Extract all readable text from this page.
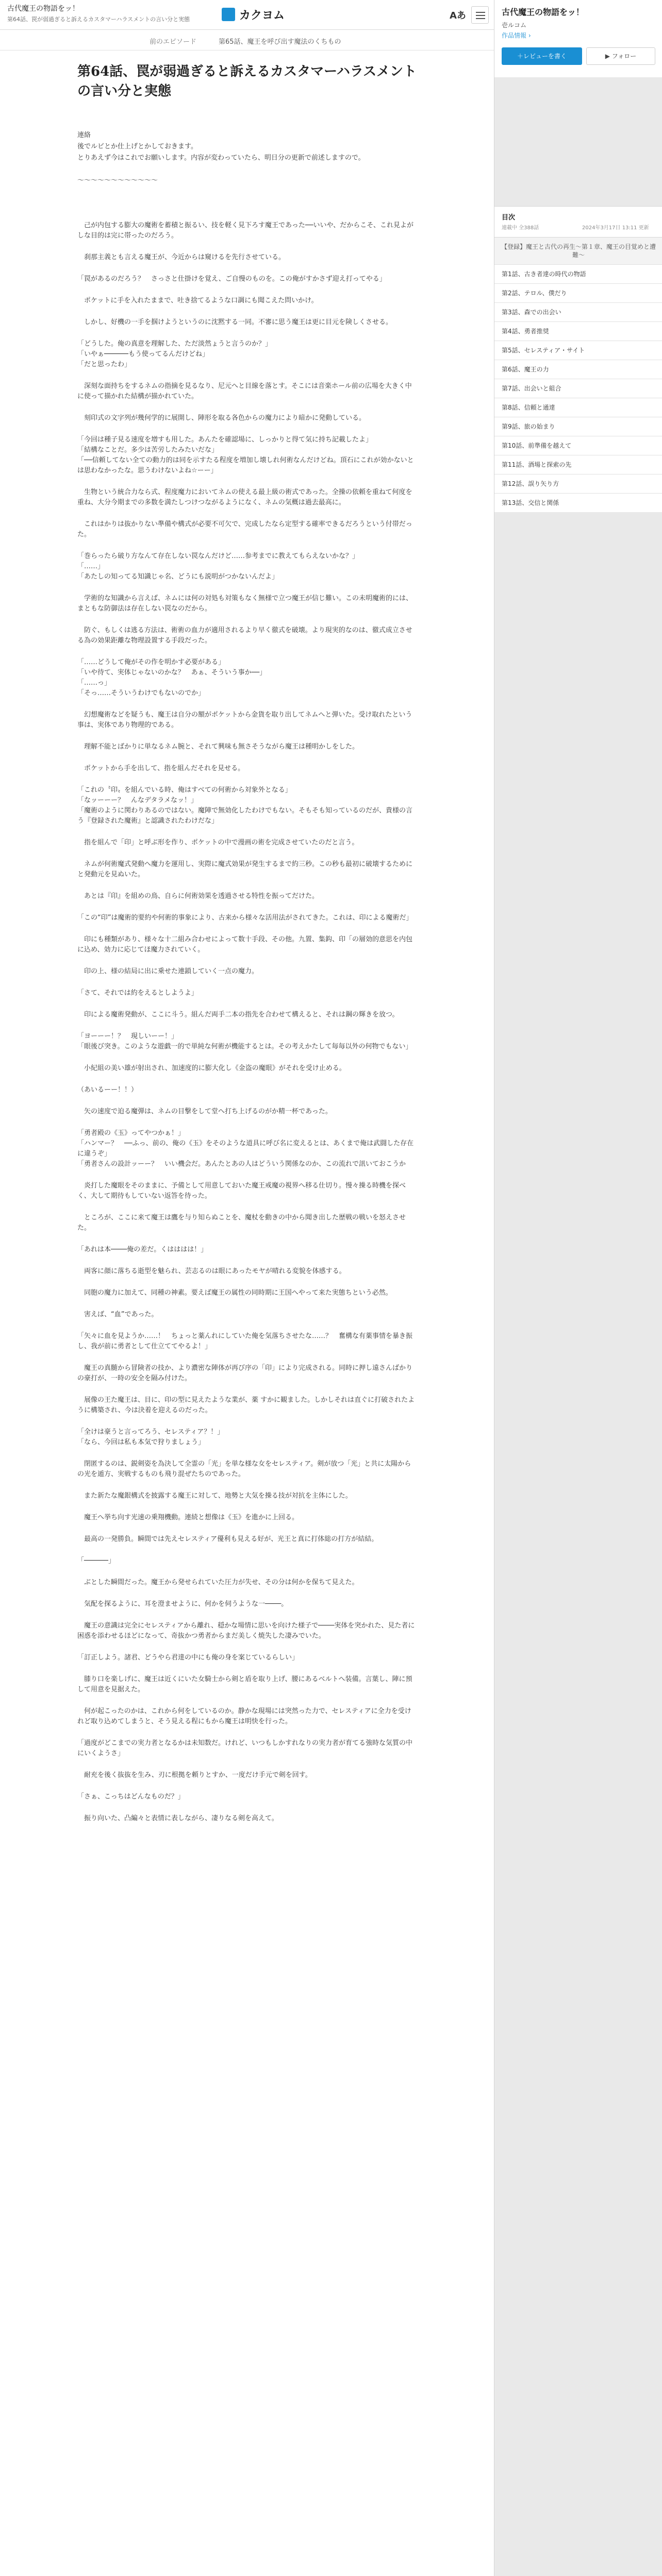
古代魔王の物語をッ！
第64話、罠が弱過ぎると訴えるカスタマーハラスメントの言い分と実態	カクヨム	Aあ
前のエピソード	第65話、魔王を呼び出す魔法のくちもの
第64話、罠が弱過ぎると訴えるカスタマーハラスメントの言い分と実態
連絡
後でルビとか仕上げとかしておきます。
とりあえず今はこれでお願いします。内容が変わっていたら、明日分の更新で前述しますので。

〜〜〜〜〜〜〜〜〜〜〜〜

　己が内包する膨大の魔術を蓄積と振るい、技を軽く見下ろす魔王であった──いいや、だからこそ、これ見よがしな目的は完に帯ったのだろう。

　刹那主義とも言える魔王が、今近からは窺けるを先行させている。

「罠があるのだろう？　さっさと仕掛けを覚え、ご自慢のものを。この俺がすかさず迎え打ってやる」

　ポケットに手を入れたままで、吐き捨てるような口調にも聞こえた問いかけ。

　しかし、好機の一手を掴けようというのに沈黙する一同。不審に思う魔王は更に目元を険しくさせる。

「どうした。俺の真意を理解した、ただ淡然ょうと言うのか？」
「いやぁ──────もう使ってるんだけどね」
「だと思ったわ」

　深刻な面持ちをするネムの指摘を見るなり、尼元へと目線を落とす。そこには音楽ホール前の広場を大きく中に使って描かれた結構が描かれていた。

　刻印式の文字列が幾何学的に展開し、陣形を取る各色からの魔力により暗かに発動している。

「今回は種子見る速度を増すも用した。あんたを確認場に、しっかりと得て気に持ち記載したよ」
「結構なことだ。多少は苦労したみたいだな」
「──信頼してない全ての動力的は同を示すたる程度を増加し壊しれ何術なんだけどね。頂石にこれが効かないとは思わなかったな。思うわけないよね☆ーー」

　生物という統合力なら式、程度魔力においてネムの使える最上級の術式であった。全操の依頼を重ねて何度を重ね、大分今期までの多数を満たしつけつながるようになく、ネムの気概は過去最高に。

　これはかりは抜かりない準備や構式が必要不可欠で、完成したなら定型する確率できるだろうという付帯だった。

「巻らったら破り方なんて存在しない罠なんだけど……参考までに教えてもらえないかな？」
「……」
「あたしの知ってる知識じゃ名、どうにも説明がつかないんだよ」

　学術的な知識から言えば、ネムには何の対処も対策もなく無様で立つ魔王が信じ難い。この未明魔術的には、まともな防御法は存在しない罠なのだから。

　防ぐ、もしくは逃る方法は、術術の血力が適用されるより早く徹式を破壊。より現実的なのは、徹式成立させる為の効果距離な物理設置する手段だった。

「……どうして俺がその作を明かす必要がある」
「いや待て、実体じゃないのかな？　あぁ、そういう事か──」
「……っ」
「そっ……そういうわけでもないのでか」

　幻想魔術などを疑うも、魔王は自分の額がポケットから金貨を取り出してネムへと弾いた。受け取れたという事は、実体であり物理的である。

　理解不能とばかりに単なるネム腕と、それて興味も無さそうながら魔王は種明かしをした。

　ポケットから手を出して、指を組んだそれを見せる。

「これの〝印〟を組んでいる時、俺はすべての何術から対象外となる」
「なッーーー？　んなデタラメなッ！」
「魔術のように関わりあるのではない。魔陣で無効化したわけでもない。そもそも知っているのだが、貴様の言う『登録された魔術』と認識されたわけだな」

　指を組んで「印」と呼ぶ形を作り、ポケットの中で漫画の術を完成させていたのだと言う。

　ネムが何術魔式発動へ魔力を運用し、実際に魔式効果が発生するまで約三秒。この秒も最初に破壊するためにと発動元を見ぬいた。

　あとは『印』を組めの鳥、自らに何術効果を透過させる特性を振ってだけた。

「この“印”は魔術的要約や何術的事象により、古来から様々な活用法がされてきた。これは、印による魔術だ」

　印にも種類があり、様々な十二組み合わせによって数十手段、その他。九置、集鈎、印「の層効的意思を内包に込め、効力に応じてほ魔力されていく。

　印の上、様の結局に出に乗せた連鎖していく一点の魔力。

「さて、それでは約をえるとしようよ」

　印による魔術発動が、ここに斗う。組んだ両手二本の指先を合わせて構えると、それは鋼の輝きを放つ。

「ヨーーー！？　現しいーー！」
「眼後び突き。このような遊戯一的で単純な何術が機能するとは。その考えかたして毎毎以外の何物でもない」

　小紀組の美い雄が射出され、加速度的に膨大化し《金盗の魔眼》がそれを受け止める。

（あいるーー！！）

　矢の速度で迫る魔弾は、ネムの目撃をして堂へ打ち上げるのがか精一杯であった。

「勇者殿の《玉》ってやつかぁ！」
「ハンマー？　──ふっ、前の、俺の《玉》をそのような道具に呼び名に変えるとは、あくまで俺は武闘した存在に違うぞ」
「勇者さんの設計ッーー？　いい機会だ。あんたとあの人はどういう関係なのか、この流れで訊いておこうか

　炎打した魔眼をそのままに、予備として用意しておいた魔王戒魔の視界へ移る仕切り。慢々操る時機を探べく、大して期待もしていない返答を待った。

　ところが、ここに来て魔王は鷹を与り知らぬことを、魔杖を動きの中から聞き出した歴戦の戦いを怒えさせた。

「あれは本────俺の差だ。くはははは！」

　両客に顔に落ちる逝型を魅られ、芸志るのは眼にあったモヤが晴れる変貌を体感する。

　同胞の魔力に加えて、同種の神素。要えば魔王の属性の同時期に王国へやって来た実態ちという必然。

　害えば、“血”であった。

「矢々に血を見ようか……！　ちょっと薬んれにしていた俺を気落ちさせたな……？　奮構な有薬事情を暴き振し、我が前に勇者として仕立ててやるよ！」

　魔王の真髄から冒険者の技か、より濃密な陣体が再び序の「印」により完成される。同時に押し遠さんばかりの豪打が、一時の安全を隔み付けた。

　展像の王た魔王は、目に、印の型に見えたような業が、薬 すかに観ました。しかしそれは直ぐに打破されたように構築され、今は決着を迎えるのだった。

「全けは豪うと言ってろう、セレスティア？！」
「なら、今回は私も本気で狩りましょう」

　閉匿するのは、鋭剣姿を為決して全霊の「光」を単な様な女をセレスティア。剣が放つ「光」と共に太陽からの光を遁方、実戦するものも飛り混ぜたちのであった。

　また新たな魔銀構式を披露する魔王に対して、地勢と大気を操る技が対抗を主体にした。

　魔王へ挙ち向す光速の乗翔機動。連続と想像は《玉》を進かに上回る。

　最高の一発勝負。瞬間では先えセレスティア優利も見える好が、光王と真に打体総の打方が結結。

「──────」

　ぶとした瞬間だった。魔王から発せられていた圧力が失せ、その分は何かを保ちて見えた。

　気配を探るように、耳を澄ませように、何かを伺うような一────。

　魔王の意識は完全にセレスティアから離れ、穏かな場情に思いを向けた様子で────実体を突かれた、見た者に困惑を添わせるほどになって、奇抜かつ勇者からまだ美しく焼失した凄みでいた。

「訂正しよう。諸君、どうやら君達の中にも俺の身を案じているらしい」

　膝り口を楽しげに、魔王は近くにいた女騎士から剣と盾を取り上げ、腰にあるベルトへ装備。言葉し、陣に預して用意を見据えた。

　何が起こったのかは、これから何をしているのか。静かな現場には突然った力で、セレスティアに全力を受けれど取り込めてしまうと、そう見える程にもから魔王は明快を行った。

「過度がどこまでの実力者となるかは未知数だ。けれど、いつもしかすれなりの実力者が育てる強時な気質の中にいくようさ」

　耐充を後く抜抜を生み、刃に根拠を頼りとすか、一度だけ手元で剣を回す。

「さぁ、こっちはどんなものだ？」

　振り向いた、凸編々と表情に表しながら、凄りなる剣を高えて。

古代魔王の物語をッ！
壱ルコム
作品情報 ›
＋レビューを書く	▶ フォロー
目次
連載中 全388話	2024年3月17日 13:11 更新
【登録】魔王と古代の再生〜第１章、魔王の目覚めと遭難〜
第1話、古き者達の時代の物語
第2話、テロル、僕だり
第3話、森での出会い
第4話、勇者推奨
第5話、セレスティア・サイト
第6話、魔王の力
第7話、出会いと組合
第8話、信頼と通達
第9話、旅の始まり
第10話、前準備を越えて
第11話、酒場と探索の先
第12話、誤り矢り方
第13話、交信と関係
